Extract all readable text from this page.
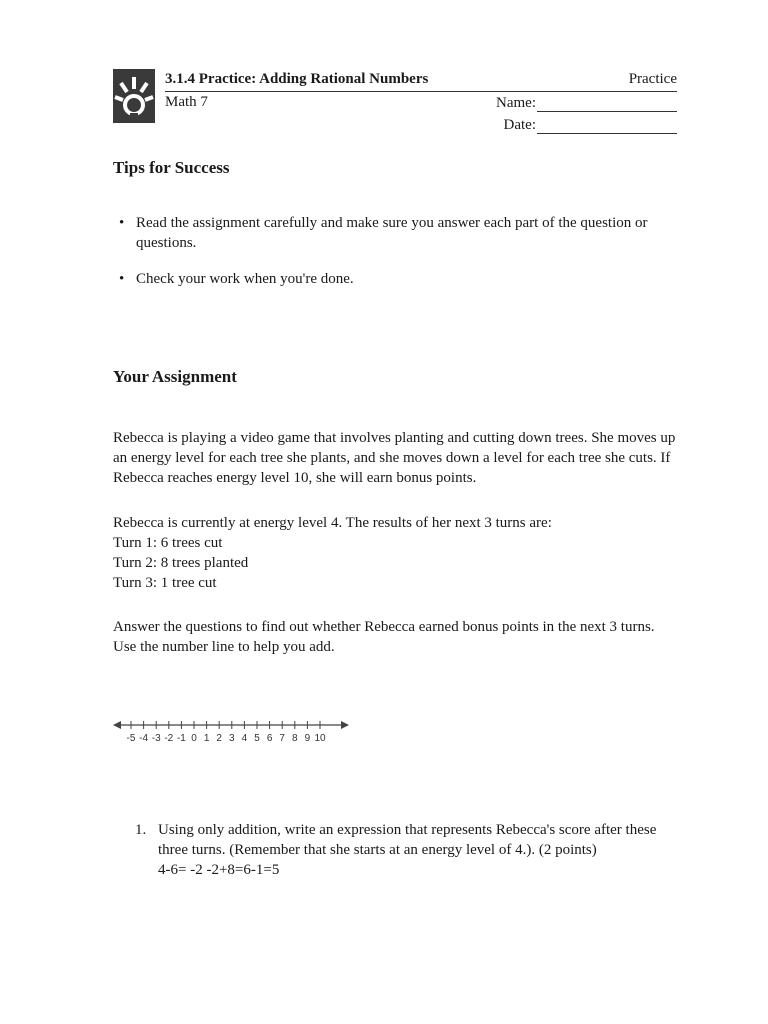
3.1.4 Practice: Adding Rational Numbers	Practice
Math 7	Name:
Date:
Tips for Success
• Read the assignment carefully and make sure you answer each part of the question or questions.
• Check your work when you're done.
Your Assignment
Rebecca is playing a video game that involves planting and cutting down trees. She moves up
an energy level for each tree she plants, and she moves down a level for each tree she cuts. If
Rebecca reaches energy level 10, she will earn bonus points.
Rebecca is currently at energy level 4. The results of her next 3 turns are:
Turn 1: 6 trees cut
Turn 2: 8 trees planted
Turn 3: 1 tree cut
Answer the questions to find out whether Rebecca earned bonus points in the next 3 turns.
Use the number line to help you add.
-5 -4 -3 -2 -1 0 1 2 3 4 5 6 7 8 9 10
1. Using only addition, write an expression that represents Rebecca's score after these
three turns. (Remember that she starts at an energy level of 4.). (2 points)
4-6= -2 -2+8=6-1=5
